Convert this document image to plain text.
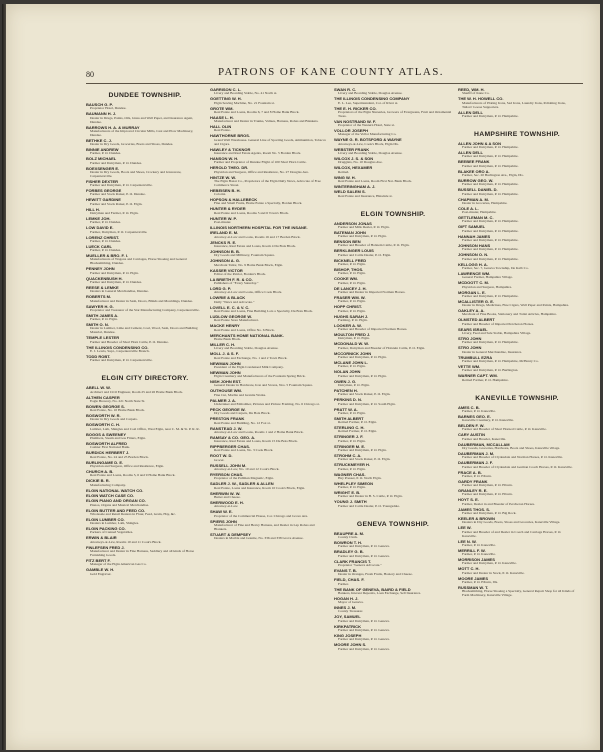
80	PATRONS OF KANE COUNTY ATLAS.
DUNDEE TOWNSHIP.
BAUSCH G. P.
Proprietor Hotel, Dundee.
BAUMANN H. J.
Dealer in Drugs, Paints, Oils, Glass and Wall Paper, and Insurance Agent, Dundee.
BARROWS H. A. & MURRAY
Manufacturers of the Improved Circular Mills, Cast and Plow Machinery, Dundee.
BETHKE C. J.
Dealer in Dry Goods, Groceries, Boots and Shoes, Dundee.
BINNIE ANDREW
Farmer, P. O. Dundee.
BOLZ MICHAEL
Farmer and Dairyman, P. O. Dundee.
BOEXSENGER E.
Dealer in Dry Goods, Boots and Shoes, Crockery and Glassware, Carpentersville.
FISHER DEXTER
Farmer and Dairyman, P. O. Carpentersville.
FORBES GEORGE
Farmer and Stock Raiser, P. O. Dundee.
HEWITT GARDINE
Farmer and Stock Raiser, P. O. Elgin.
HILL H.
Dairyman and Farmer, P. O. Elgin.
LEMKE JOH.
Farmer, P. O. Dundee.
LOW DAVID E.
Farmer, Dairyman, P. O. Carpentersville.
LORENZ CHRIST.
Farmer, P. O. Dundee.
LUECK CARL
Farmer, P. O. Dundee.
MUELLER & BRO. F. I.
Manufacturers of Wagons and Carriages, Horse Shoeing and General Blacksmithing, Dundee.
PENNEY JOHN
Farmer and Dairyman, P. O. Elgin.
QUACKENBUSH H.
Farmer and Dairyman, P. O. Dundee.
REESE & LEMKE
Dealers in General Merchandise, Dundee.
ROBERTS M.
Manufacturer and Dealer in Sash, Doors, Blinds and Mouldings, Dundee.
SAWYER H. G.
Proprietor and Treasurer of the Star Manufacturing Company, Carpentersville.
SMITH JAMES A.
Farmer, P. O. Elgin.
SMITH O. N.
Dealer in Lumber, Lime and Cement, Coal, Wood, Sash, Doors and Building Material, Dundee.
TEMPLE LESTER
Farmer and Breeder of Short Horn Cattle, P. O. Dundee.
THE ILLINOIS CONDENSING CO.
E. J. Lewis, Supt., Carpentersville Branch.
TODD ROBT.
Farmer and Dairyman, P. O. Carpentersville.
ELGIN CITY DIRECTORY.
ABELL W. W.
Architect and Civil Engineer, Room 25 and 26 Home Bank Block.
ALTHEN CASPER
Eagle Brewery, No. 221 North State St.
BOWEN GEORGE S.
Real Estate, No. 10 Home Bank Block.
BOSWORTH W. R.
Dealer in Dry Goods and Carpets.
BOSWORTH C. H.
Lumber, Lath, Shingles and Coal Office, West Elgin, near C. M. & St. P. R. R.
BOGGS & SWEENEY
Plumbers, Steam and Gas Fitters, Elgin.
BOSWORTH ALFRED
Cashier First National Bank.
BURDICK HERBERT J.
Real Estate, No. 24 and 25 Borden Block.
BURLINGAME D. E.
Physician and Surgeon, Office and Residence, Elgin.
CHURCH A. B.
Real Estate and Loans, Rooms 5, 6 and 9 Home Bank Block.
DICKIE B. R.
Manufacturing Company.
ELGIN NATIONAL WATCH CO.
ELGIN WATCH CASE CO.
ELGIN PIANO AND ORGAN CO.
Pianos, Organs and Musical Merchandise.
ELGIN BUTTER AND FEED CO.
Wholesale and Retail Dealers in Flour, Feed, Grain, Hay, &c.
ELGIN LUMBER CO.
Dealers in Lumber, Lath, Shingles.
ELGIN PACKING CO.
Packers of Canned Vegetables.
ERWIN & BLAIR
Attorneys-at-Law, Rooms 10 and 11 Cook's Block.
FINLEFSEN FRED J.
Manufacturer and Dealer in Fine Harness, Saddlery and all kinds of Horse Furnishing Goods.
FITZ BERT F.
Manager of the Elgin American Gas Co.
GAMBLE W. H.
Gold Engraver.
GARRISON C. L.
Livery and Boarding Stable, No. 41 North st.
GOETTING W. H.
Elgin Sewing Machine, No. 21 Fountain st.
GROTE WM.
Real Estate and Loans, Rooms 6, 7 and 8 Home Bank Block.
HAASE L. H.
Manufacturer and Dealer in Trunks, Valises, Harness, Robes and Blankets.
HALL OLIN
Real Estate.
HAWTHORNE BROS.
Grand Wall Warehouse. General Line of Sporting Goods, Ammunition, Tobacco and Cigars.
HAWLEY & TICKNOR
Insurance and Real Estate Agents, Room No. 5 Borden Block.
HANSON W. H.
Farmer and Proprietor of Dundee Flight of 100 Short Horn Cattle.
HEROLD THEO. DR.
Physician and Surgeon, Office and Residence, No. 27 Douglas Ave.
HINTZE W. W.
The Elgin Bazar Co., Proprietors of the Elgin Daily News, Advocate of Free Commerce Street.
HEBEISEN B. H.
Colorist.
HOPSON & HALLEBECK
Fine and Small Fruits, Home Estate a Specialty, Borden Block.
HUNTER & RYDER
Real Estate and Loans, Rooms 5 and 6 Town's Block.
HUNTER W. P.
Post-master.
ILLINOIS NORTHERN HOSPITAL FOR THE INSANE.
IRELAND E. M.
Attorney-at-Law and Loans, Rooms 16 and 17 Borden Block.
JENCKS R. E.
Insurance, Real Estate and Loans, Room 4 Du Bois Block.
JOHNSON B. B.
Dry Goods and Millinery, Fountain Square.
JOHNSON A. G.
Merchant Tailor, No. 9 Home Bank Block, Elgin.
KASSER VICTOR
Editor of the Patriot, Borden's Block.
LA BRIETH F. R. & CO.
Publishers of "Every Saturday."
LORD G. P.
Attorney-at-Law and Loans, Office Cook Block.
LOWRIE & BLACK
Daily "News and Advocate."
LOVELL E. C. & V. C.
Real Estate and Loans, Fine Building Lots a Specialty, Du Bois Block.
LUDLOW GEORGE W.
Real Estate Store Manufacturer.
MACKE HENRY
Real Estate and Loans, Office No. 6 Block.
MERCHANTS HOME NATIONAL BANK.
Home Bank Block.
MILLER C. H.
Livery and Boarding Stable, Douglas Avenue.
MOLL J. & S. F.
Real Estate and Exchange, No. 1 and 2 Town Block.
NEWMAN JOHN
President of the Elgin Condensed Milk Company.
NEWMAN JOHN
Elgin Creamery and Manufacturers of the Fountain Spring Brick.
NISH JOHN EST.
General Dealer in Hardware, Iron and Stoves, Nos. 5 Fountain Square.
OUTHOUSE WM.
Fine Cut, Marble and Granite Works.
PALMER J. A.
Undertaker and Embalmer, Pictures and Picture Framing, No. 6 Chicago st.
PECK GEORGE W.
Dry Goods and Carpets, Du Bois Block.
PRESTON FRANK
Real Estate and Building, No. 12 Fox st.
RANSTEAD J. W.
Attorney-at-Law and Loans, Rooms 1 and 2 Home Bank Block.
RAMSAY & CO. GEO. A.
Insurance, Real Estate and Loans, Room 15 Du Bois Block.
RIPPBERGER CHAS.
Real Estate and Loans, No. 3 Cook Block.
ROOT W. D.
Grocer.
RUSSELL JOHN M.
Attorney-at-Law, No. 10 and 12 Cook's Block.
RYERSON CHAS.
Proprietor of the Pullman Magnetic, Elgin.
SADLER J. W., SADLER & ALLEN
Real Estate, Loans and Insurance, Room 10 Cook's Block, Elgin.
SHERWIN W. W.
Butter and Cheese.
SHERWOOD E. H.
Attorney-at-Law.
SHAW W. E.
Proprietor of the Commercial House, Cor. Chicago and Grove Ave.
SPIERS JOHN
Manufacturer of Fine and Heavy Harness, and Dealer in Lap Robes and Blankets.
STUART & DEMPSEY
Dealers in Marble and Granite, No. 336 and 338 Grove Avenue.
SWAN R. C.
Livery and Boarding Stable, Douglas Avenue.
THE ILLINOIS CONDENSING COMPANY
E. L. Lee, Superintendent, Cor. of River st.
THE E. H. RICKER CO.
Proprietors of the Elgin Nurseries, Growers of Evergreens, Fruit and Ornamental Trees.
VAN NOSTRAND W. F.
Proprietor of the Western Hotel, State st.
VOLLOR JOSEPH
Manager of the Vollor Manufacturing Co.
WAYNE G. R. BOTSFORD & WAYNE
Attorneys-at-Law, Cook's Block, Elgin Ills.
WEBSTER FRANK
Livery and Boarding Stable, Douglas Avenue.
WILCOX J. S. & SON
Druggists, No. 10 Douglas Ave.
WILCOX, HEXAMER
Retired.
WING W. H.
Real Estate and Loans, Room First Nat. Bank Block.
WINTERINGHAM A. J.
WELD SALEM S.
Real Estate and Insurance, Hinsdale st.
ELGIN TOWNSHIP.
ANDERSON JONAS
Farmer and Milk Dealer, P. O. Elgin.
BATEMAN JOHN
Farmer and Dairyman, P. O. Elgin.
BENSON BEN
Farmer and Breeder of Holstein Cattle, P. O. Elgin.
BERKLINGER LOUIS
Farmer and Cattle Dealer, P. O. Elgin.
BICKNELL FRED
Farmer, P. O. Elgin.
BISHOP, THOS.
Farmer, P. O. Elgin.
COOKE WM.
Farmer, P. O. Elgin.
DE LANCEY J. H.
Farmer and Dealer in Imported Norman Horses.
FRASER WM. W.
Farmer, P. O. Elgin.
HOPP CHRIST.
Farmer, P. O. Elgin.
HUGHS SARAH J.
Farming, P. O. Elgin.
LOOKER A. W.
Farmer and Breeder of Imported Norman Horses.
MOULTON FRED J.
Dairyman, P. O. Elgin.
MCDONALD W. W.
Farmer, Dairyman and Breeder of Holstein Cattle, P. O. Elgin.
MCCORNICK JOHN
Farmer and Dairyman, P. O. Elgin.
MCLANE JOHN L.
Farmer, P. O. Elgin.
NOLAN JOHN
Farmer and Dairyman, P. O. Elgin.
OWEN J. G.
Dairyman, P. O. Elgin.
PATCHEN H.
Farmer and Stock Raiser, P. O. Elgin.
PERKINS D. N.
Farmer and Dairyman, P. O. South Elgin.
PRATT W. A.
Farmer, P. O. Elgin.
SMITH ALBERT
Retired Farmer, P. O. Elgin.
STERLING C. H.
Retired Farmer, P. O. Elgin.
STRINGER J. F.
Farmer, P. O. Elgin.
STRINGER M. E.
Farmer and Dairyman, P. O. Elgin.
STROHM C. A.
Farmer and Stock Raiser, P. O. Elgin.
STRUCKMEYER H.
Farmer, P. O. Elgin.
WAGNER CHAS.
Hay Presser, P. O. North Elgin.
WHELPLEY SIMEON
Farmer, P. O. Elgin.
WRIGHT E. B.
Farmer and Dealer in B. S. Cattle, P. O. Elgin.
YOUNG J. SMITH
Farmer and Cattle Dealer, P. O. Youngsdale.
GENEVA TOWNSHIP.
BEAUPRE A. M.
County Clerk.
BOWRON T. H.
Farmer and Dairyman, P. O. Geneva.
BRADLEY G. B.
Farmer and Dairyman, P. O. Geneva.
CLARK FRANCIS T.
Proprietor "Geneva Advocate."
EVANS T. B.
Dealer in Oranges, Fresh Fruits, Hosiery and Cheese.
FIELD, CHAS. F.
Farmer.
THE BANK OF GENEVA, BAIRD & FIELD
Bankers, Interest Deposits, Loan Exchange, Sell Insurance.
HOGAN H. J.
Mayor of Geneva.
INNES J. M.
County Treasurer.
JOY, SAMUEL
Farmer and Dairyman, P. O. Geneva.
KIRKPATRICK
Farmer and Dairyman, P. O. Geneva.
KING JOSEPH
Farmer and Dairyman, P. O. Geneva.
MOORE JOHN S.
Farmer and Dairyman, P. O. Geneva.
REED, WM. H.
Sheriff of Kane Co.
THE W. H. HOWELL CO.
Manufacturers of Plating Irons, Sad Irons, Laundry Irons, Polishing Irons, Tailors' Goose Supporters.
ALLEN DELL
Farmer and Dairyman, P. O. Hampshire.
HAMPSHIRE TOWNSHIP.
ALLEN JOHN & A SON
Farmer and Dairyman, P. O. Hampshire.
ALLEN DELL
Farmer and Dairyman, P. O. Hampshire.
BEEBEE FRANK
Farmer and Dairyman, P. O. Hampshire.
BLAKEE ORO A.
Farmer, Sec. 20 Burlington Ave., Elgin, Ills.
BURROW GEO. W.
Farmer and Dairyman, P. O. Hampshire.
BUSSELL DANIEL D.
Farmer and Dairyman, P. O. Hampshire.
CHAPMAN A. M.
Dealer in Groceries, Hampshire.
COLE A. L.
Post-master, Hampshire.
GETTLEMAN M. C.
Farmer and Dairyman, P. O. Hampshire.
GIFT SAMUEL
Farmer and Dairyman, P. O. Hampshire.
HANNAH JAMES
Farmer and Dairyman, P. O. Hampshire.
JOHNSON HANS
Farmer and Dairyman, P. O. Hampshire.
JOHNSON O. N.
Farmer and Dairyman, P. O. Hampshire.
KELLOGG H. A.
Farmer, Sec. 7, Geneva Township, De Kalb Co.
LAWRENCE WM.
General Farmer, Hampshire Village.
MCDOOTT C. M.
Physician and Surgeon, Hampshire.
MORGAN L. E.
Farmer and Dairyman, P. O. Hampshire.
MCALLISTER G. E.
Dealer in Drugs, Medicines, Fine Cigars, Wall Paper and Paints, Hampshire.
OAKLEY A. A.
Merchant of Fine Books, Stationery and Toilet Articles, Hampshire.
OLMSTED ALBERT
Farmer and Breeder of Imported Percheron Horses.
SEARS ISRAEL
Livery, Feed and Sale Stable, Hampshire Village.
STRO JOHN
Farmer and Dairyman, P. O. Hampshire.
STRO JOHN
Dealer in General Merchandise, Insurance.
TRUMBULL EZRA
Farmer and Dairyman, P. O. Hampshire, McHenry Co.
VETTE WM.
Farmer and Dairyman, P. O. Burlington.
WARNER CAPT. WM.
Retired Farmer, P. O. Hampshire.
KANEVILLE TOWNSHIP.
AMES C. B.
Farmer, P. O. Kaneville.
BARNES GEO. E.
Kaneville Creamery, P. O. Kaneville.
BELDEN F. W.
Farmer and Breeder of Short Horned Cattle, P. O. Kaneville.
CARY AUSTIN
Farmer and Breeder, Kaneville.
DAUBERMAN, MCCALLAM
Dry Goods, Groceries, Hardware, Boots and Shoes, Kaneville village.
DAUBERMAN J. M.
Farmer and Breeder of Clydesdale and Norman Horses, P. O. Kaneville.
DAUBERMAN J. F.
Farmer and Breeder of Clydesdale and German Coach Horses, P. O. Kaneville.
FRACE A. B.
Farmer, P. O. Elburn.
GARDY FRANK
Farmer and Dairyman, P. O. Elburn.
GRANLEY R. E.
Farmer and Dairyman, P. O. Elburn.
HOYT S. E.
Farmer, Dealer in and Breeder of Percheron Horses.
JAMES THOS. S.
Farmer and Dairyman, P. O. Big Rock.
KEELER & BROWN
Dealers in Dry Goods, Boots, Shoes and Groceries, Kaneville Village.
LEE W.
Farmer and Breeder of and Dealer in Coach and Carriage Horses, P. O. Kaneville.
LEE N. W.
Farmer, P. O. Kaneville.
MERRILL F. W.
Farmer, P. O. Kaneville.
MORRISON JAMES
Farmer and Dairyman, P. O. Kaneville.
MOTT C. H.
Farmer and Dealer in Stock, P. O. Kaneville.
MOORE JAMES
Farmer, P. O. Elburn, Ills.
RUSSMAN W. T.
Blacksmithing, Horse Shoeing a Specialty, General Repair Shop for all Kinds of Farm Machinery, Kaneville Village.
